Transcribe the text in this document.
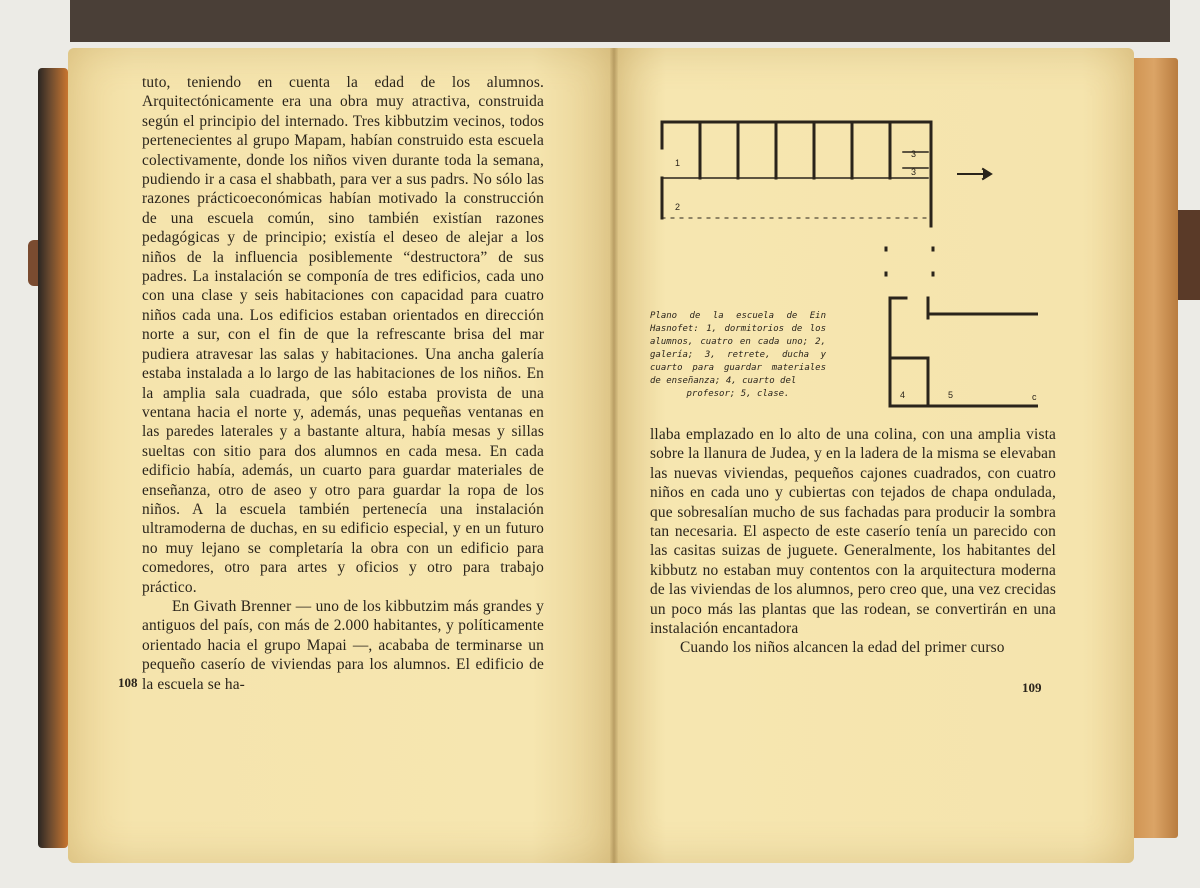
tuto, teniendo en cuenta la edad de los alumnos. Arquitectónicamente era una obra muy atractiva, construida según el principio del internado. Tres kibbutzim vecinos, todos pertenecientes al grupo Mapam, habían construido esta escuela colectivamente, donde los niños viven durante toda la semana, pudiendo ir a casa el shabbath, para ver a sus padrs. No sólo las razones prácticoeconómicas habían motivado la construcción de una escuela común, sino también existían razones pedagógicas y de principio; existía el deseo de alejar a los niños de la influencia posiblemente “destructora” de sus padres. La instalación se componía de tres edificios, cada uno con una clase y seis habitaciones con capacidad para cuatro niños cada una. Los edificios estaban orientados en dirección norte a sur, con el fin de que la refrescante brisa del mar pudiera atravesar las salas y habitaciones. Una ancha galería estaba instalada a lo largo de las habitaciones de los niños. En la amplia sala cuadrada, que sólo estaba provista de una ventana hacia el norte y, además, unas pequeñas ventanas en las paredes laterales y a bastante altura, había mesas y sillas sueltas con sitio para dos alumnos en cada mesa. En cada edificio había, además, un cuarto para guardar materiales de enseñanza, otro de aseo y otro para guardar la ropa de los niños. A la escuela también pertenecía una instalación ultramoderna de duchas, en su edificio especial, y en un futuro no muy lejano se completaría la obra con un edificio para comedores, otro para artes y oficios y otro para trabajo práctico.

En Givath Brenner — uno de los kibbutzim más grandes y antiguos del país, con más de 2.000 habitantes, y políticamente orientado hacia el grupo Mapai —, acababa de terminarse un pequeño caserío de viviendas para los alumnos. El edificio de la escuela se ha-

108
1
2
3
3
4	5	c
Plano de la escuela de Ein Hasnofet: 1, dormitorios de los alumnos, cuatro en cada uno; 2, galería; 3, retrete, ducha y cuarto para guardar materiales de enseñanza; 4, cuarto del
profesor; 5, clase.

llaba emplazado en lo alto de una colina, con una amplia vista sobre la llanura de Judea, y en la ladera de la misma se elevaban las nuevas viviendas, pequeños cajones cuadrados, con cuatro niños en cada uno y cubiertas con tejados de chapa ondulada, que sobresalían mucho de sus fachadas para producir la sombra tan necesaria. El aspecto de este caserío tenía un parecido con las casitas suizas de juguete. Generalmente, los habitantes del kibbutz no estaban muy contentos con la arquitectura moderna de las viviendas de los alumnos, pero creo que, una vez crecidas un poco más las plantas que las rodean, se convertirán en una instalación encantadora

Cuando los niños alcancen la edad del primer curso

109
